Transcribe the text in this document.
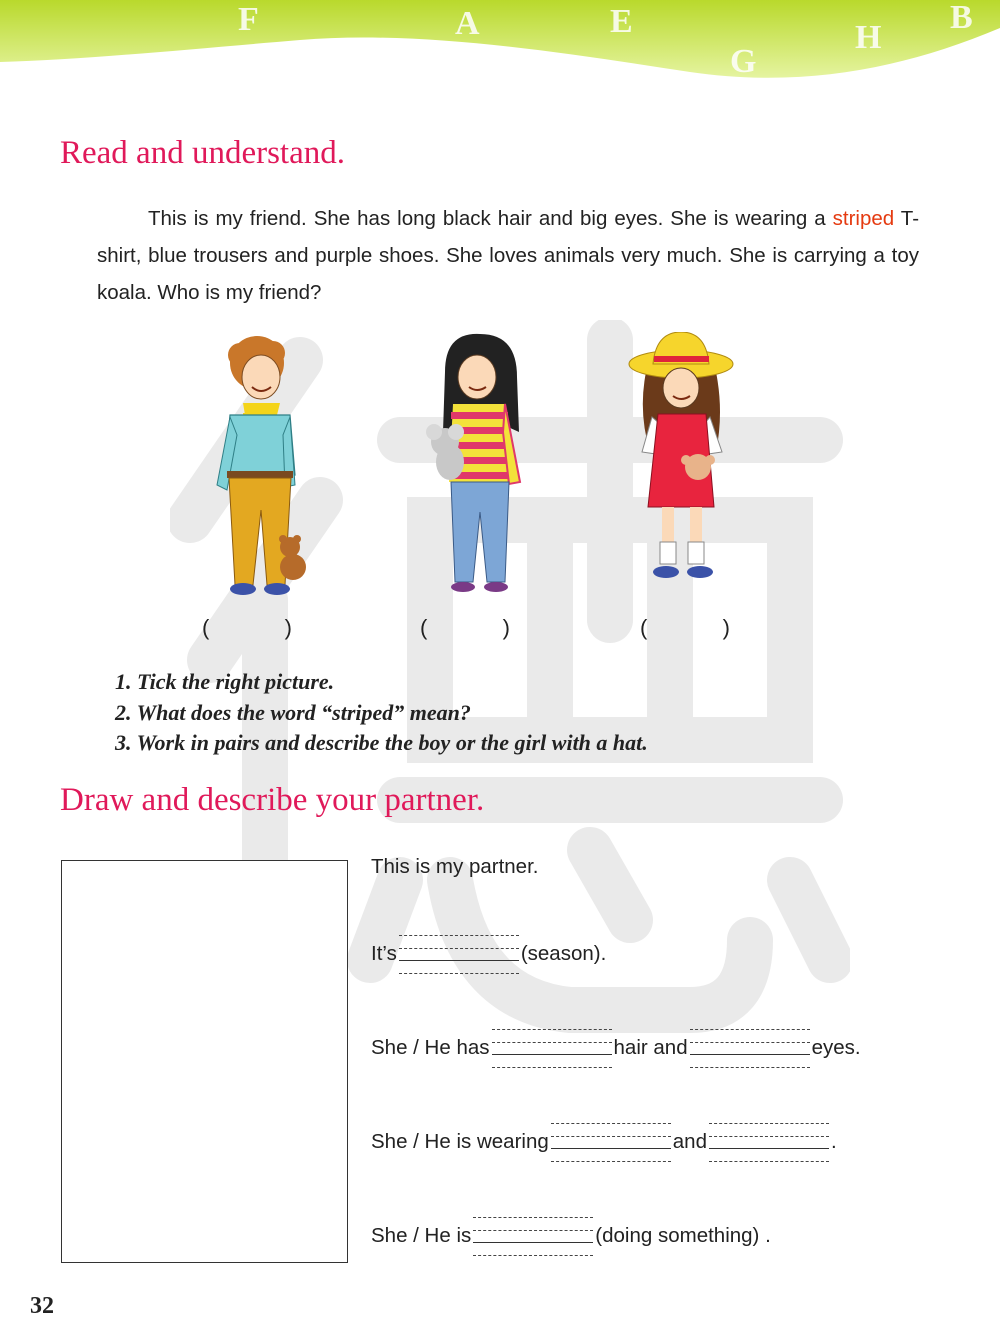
F	A	E
G
H
B
Read and understand.
This is my friend. She has long black hair and big eyes. She is wearing a striped T-shirt, blue trousers and purple shoes. She loves animals very much. She is carrying a toy koala. Who is my friend?
(	)	(	)	(	)
1. Tick the right picture.
2. What does the word “striped” mean?
3. Work in pairs and describe the boy or the girl with a hat.
Draw and describe your partner.
This is my partner.
It’s	(season).
She / He has	hair and	eyes.
She / He is wearing	and	.
She / He is	(doing something) .
32
